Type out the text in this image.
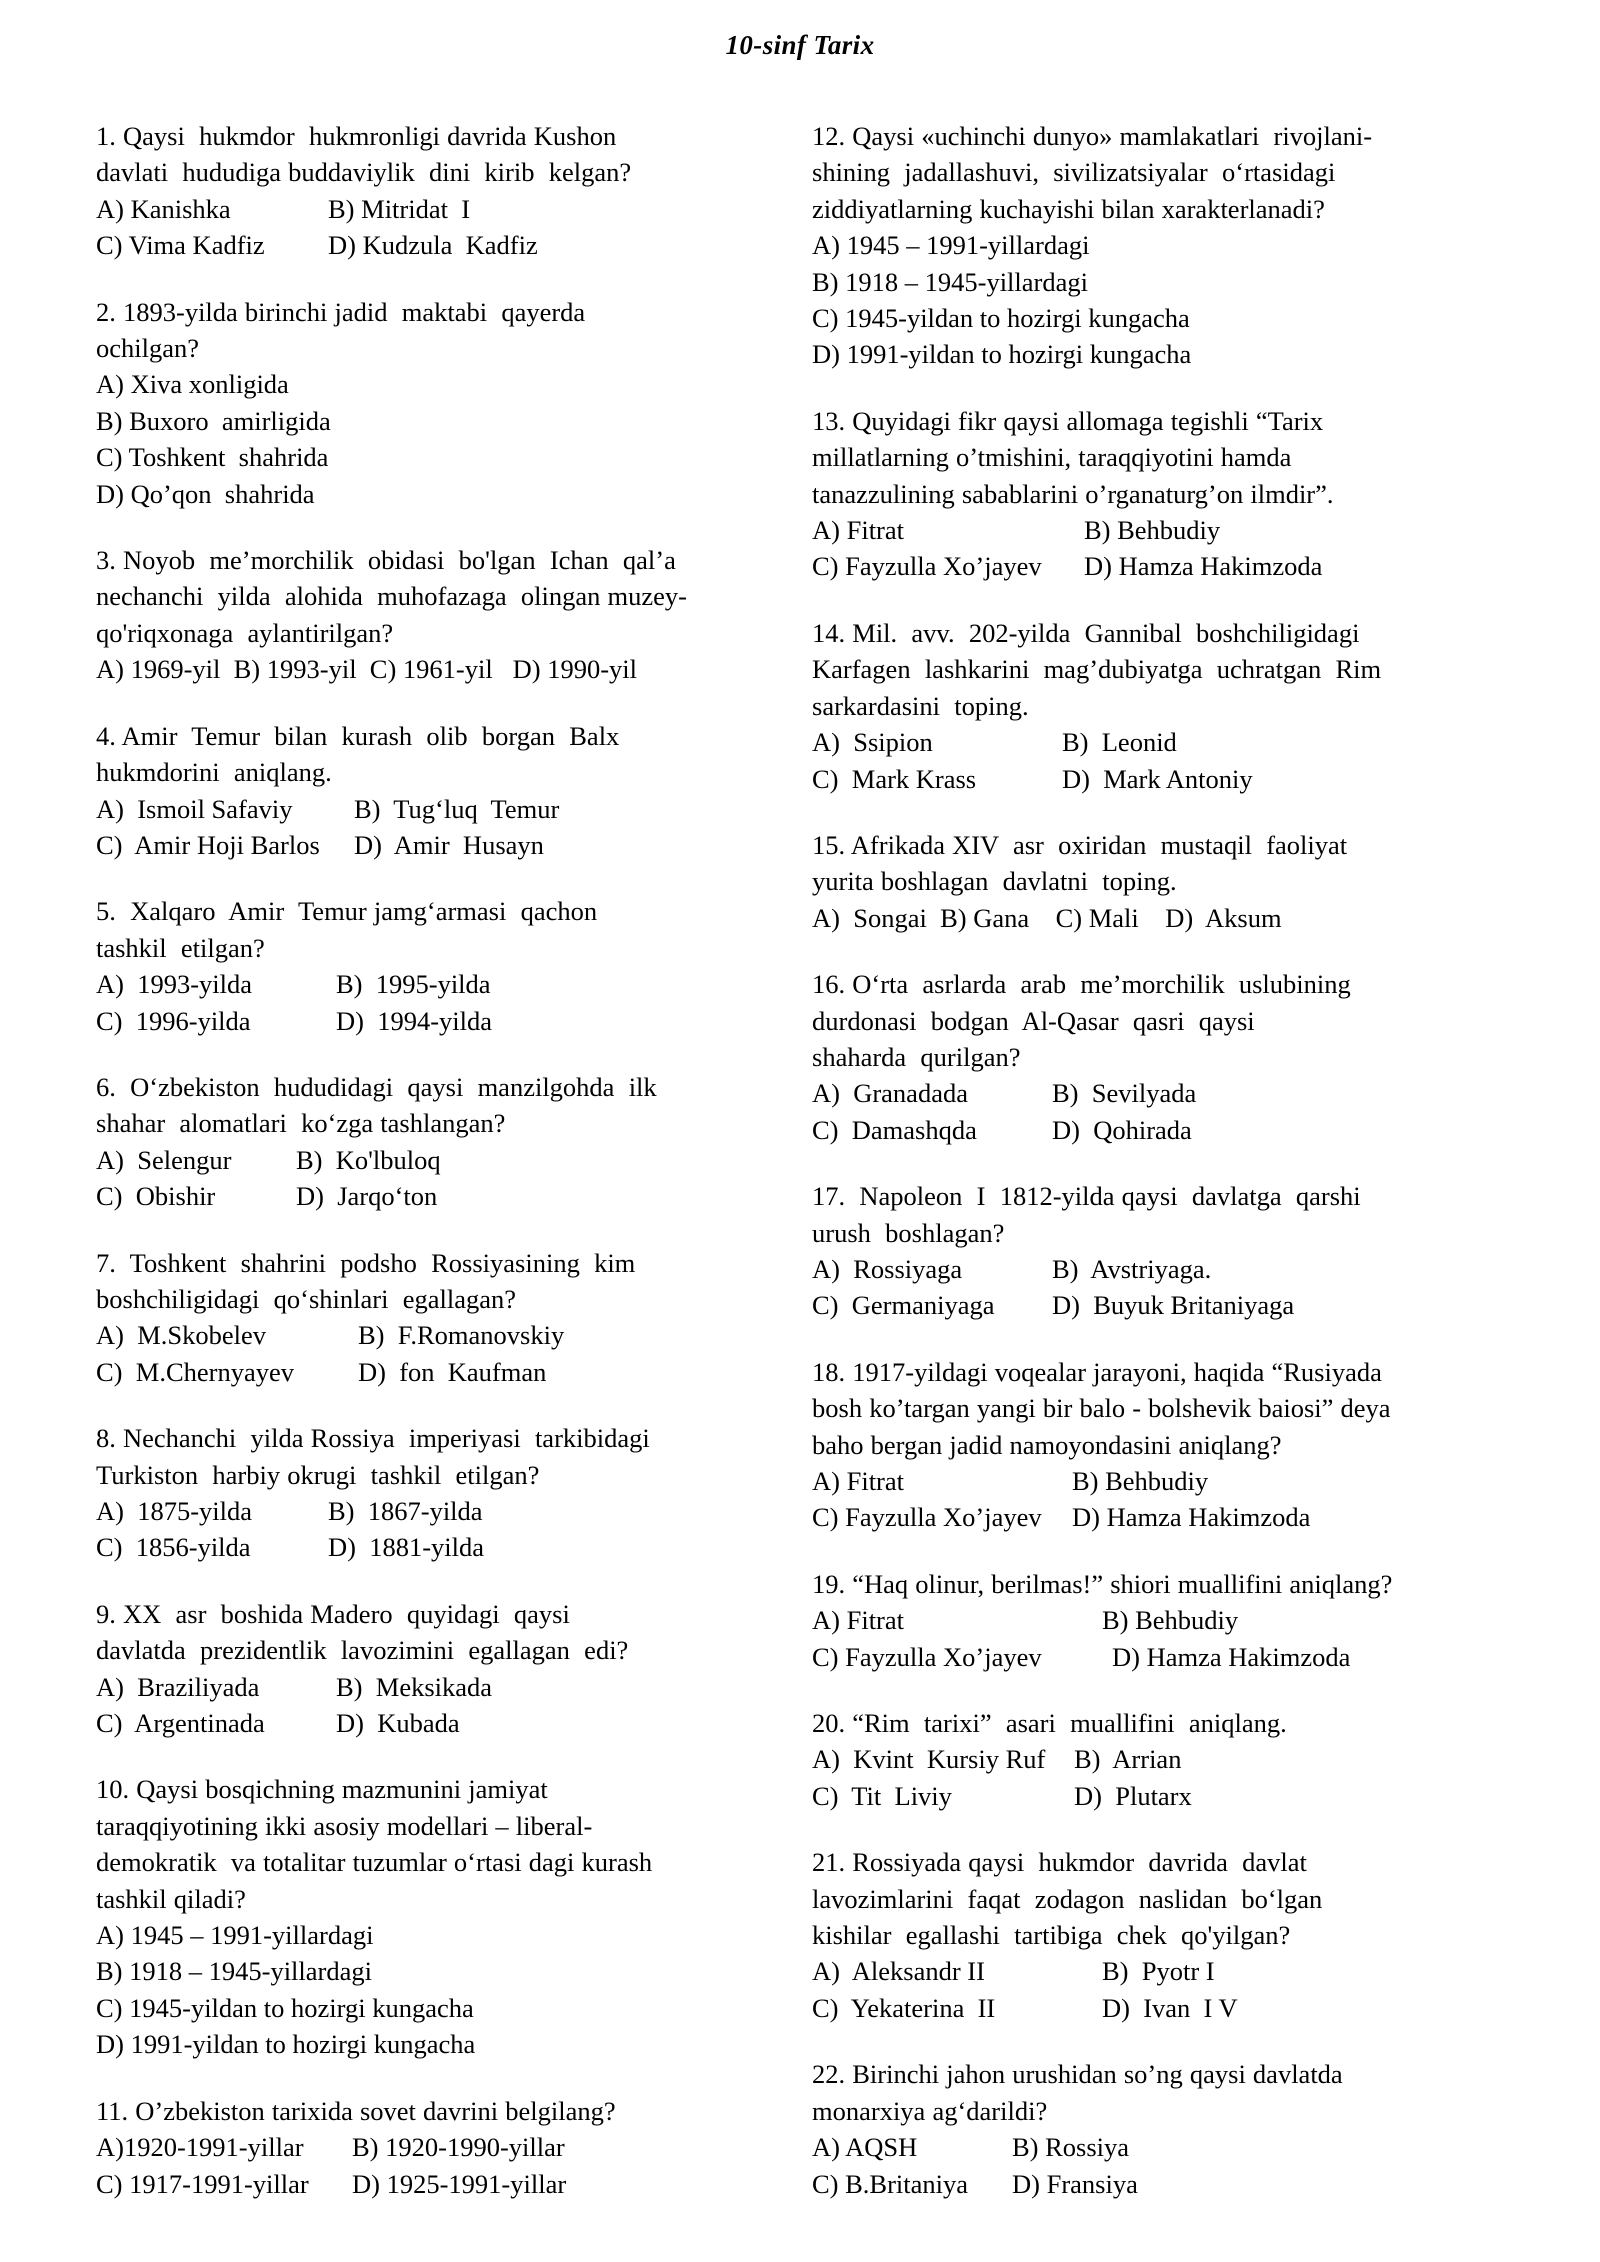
10-sinf Tarix
1. Qaysi  hukmdor  hukmronligi davrida Kushon
davlati  hududiga buddaviylik  dini  kirib  kelgan?
A) Kanishka	B) Mitridat  I
C) Vima Kadfiz	D) Kudzula  Kadfiz
2. 1893-yilda birinchi jadid  maktabi  qayerda
ochilgan?
A) Xiva xonligida
B) Buxoro  amirligida
C) Toshkent  shahrida
D) Qo’qon  shahrida
3. Noyob  me’morchilik  obidasi  bo'lgan  Ichan  qal’a
nechanchi  yilda  alohida  muhofazaga  olingan muzey-
qo'riqxonaga  aylantirilgan?
A) 1969-yil  B) 1993-yil  C) 1961-yil   D) 1990-yil
4. Amir  Temur  bilan  kurash  olib  borgan  Balx
hukmdorini  aniqlang.
A)  Ismoil Safaviy	B)  Tug‘luq  Temur
C)  Amir Hoji Barlos	D)  Amir  Husayn
5.  Xalqaro  Amir  Temur jamg‘armasi  qachon
tashkil  etilgan?
A)  1993-yilda	B)  1995-yilda
C)  1996-yilda	D)  1994-yilda
6.  O‘zbekiston  hududidagi  qaysi  manzilgohda  ilk
shahar  alomatlari  ko‘zga tashlangan?
A)  Selengur	B)  Ko'lbuloq
C)  Obishir	D)  Jarqo‘ton
7.  Toshkent  shahrini  podsho  Rossiyasining  kim
boshchiligidagi  qo‘shinlari  egallagan?
A)  M.Skobelev	B)  F.Romanovskiy
C)  M.Chernyayev	D)  fon  Kaufman
8. Nechanchi  yilda Rossiya  imperiyasi  tarkibidagi
Turkiston  harbiy okrugi  tashkil  etilgan?
A)  1875-yilda	B)  1867-yilda
C)  1856-yilda	D)  1881-yilda
9. XX  asr  boshida Madero  quyidagi  qaysi
davlatda  prezidentlik  lavozimini  egallagan  edi?
A)  Braziliyada	B)  Meksikada
C)  Argentinada	D)  Kubada
10. Qaysi bosqichning mazmunini jamiyat
taraqqiyotining ikki asosiy modellari – liberal-
demokratik  va totalitar tuzumlar o‘rtasi dagi kurash
tashkil qiladi?
A) 1945 – 1991-yillardagi
B) 1918 – 1945-yillardagi
C) 1945-yildan to hozirgi kungacha
D) 1991-yildan to hozirgi kungacha
11. O’zbekiston tarixida sovet davrini belgilang?
A)1920-1991-yillar	B) 1920-1990-yillar
C) 1917-1991-yillar	D) 1925-1991-yillar
12. Qaysi «uchinchi dunyo» mamlakatlari  rivojlani-
shining  jadallashuvi,  sivilizatsiyalar  o‘rtasidagi
ziddiyatlarning kuchayishi bilan xarakterlanadi?
A) 1945 – 1991-yillardagi
B) 1918 – 1945-yillardagi
C) 1945-yildan to hozirgi kungacha
D) 1991-yildan to hozirgi kungacha
13. Quyidagi fikr qaysi allomaga tegishli “Tarix
millatlarning o’tmishini, taraqqiyotini hamda
tanazzulining sabablarini o’rganaturg’on ilmdir”.
A) Fitrat	B) Behbudiy
C) Fayzulla Xo’jayev	D) Hamza Hakimzoda
14. Mil.  avv.  202-yilda  Gannibal  boshchiligidagi
Karfagen  lashkarini  mag’dubiyatga  uchratgan  Rim
sarkardasini  toping.
A)  Ssipion	B)  Leonid
C)  Mark Krass	D)  Mark Antoniy
15. Afrikada XIV  asr  oxiridan  mustaqil  faoliyat
yurita boshlagan  davlatni  toping.
A)  Songai  B) Gana    C) Mali    D)  Aksum
16. O‘rta  asrlarda  arab  me’morchilik  uslubining
durdonasi  bodgan  Al-Qasar  qasri  qaysi
shaharda  qurilgan?
A)  Granadada	B)  Sevilyada
C)  Damashqda	D)  Qohirada
17.  Napoleon  I  1812-yilda qaysi  davlatga  qarshi
urush  boshlagan?
A)  Rossiyaga	B)  Avstriyaga.
C)  Germaniyaga	D)  Buyuk Britaniyaga
18. 1917-yildagi voqealar jarayoni, haqida “Rusiyada
bosh ko’targan yangi bir balo - bolshevik baiosi” deya
baho bergan jadid namoyondasini aniqlang?
A) Fitrat	B) Behbudiy
C) Fayzulla Xo’jayev	D) Hamza Hakimzoda
19. “Haq olinur, berilmas!” shiori muallifini aniqlang?
A) Fitrat	B) Behbudiy
C) Fayzulla Xo’jayev	D) Hamza Hakimzoda
20. “Rim  tarixi”  asari  muallifini  aniqlang.
A)  Kvint  Kursiy Ruf	B)  Arrian
C)  Tit  Liviy	D)  Plutarx
21. Rossiyada qaysi  hukmdor  davrida  davlat
lavozimlarini  faqat  zodagon  naslidan  bo‘lgan
kishilar  egallashi  tartibiga  chek  qo'yilgan?
A)  Aleksandr II	B)  Pyotr I
C)  Yekaterina  II	D)  Ivan  I V
22. Birinchi jahon urushidan so’ng qaysi davlatda
monarxiya ag‘darildi?
A) AQSH	B) Rossiya
C) B.Britaniya	D) Fransiya
